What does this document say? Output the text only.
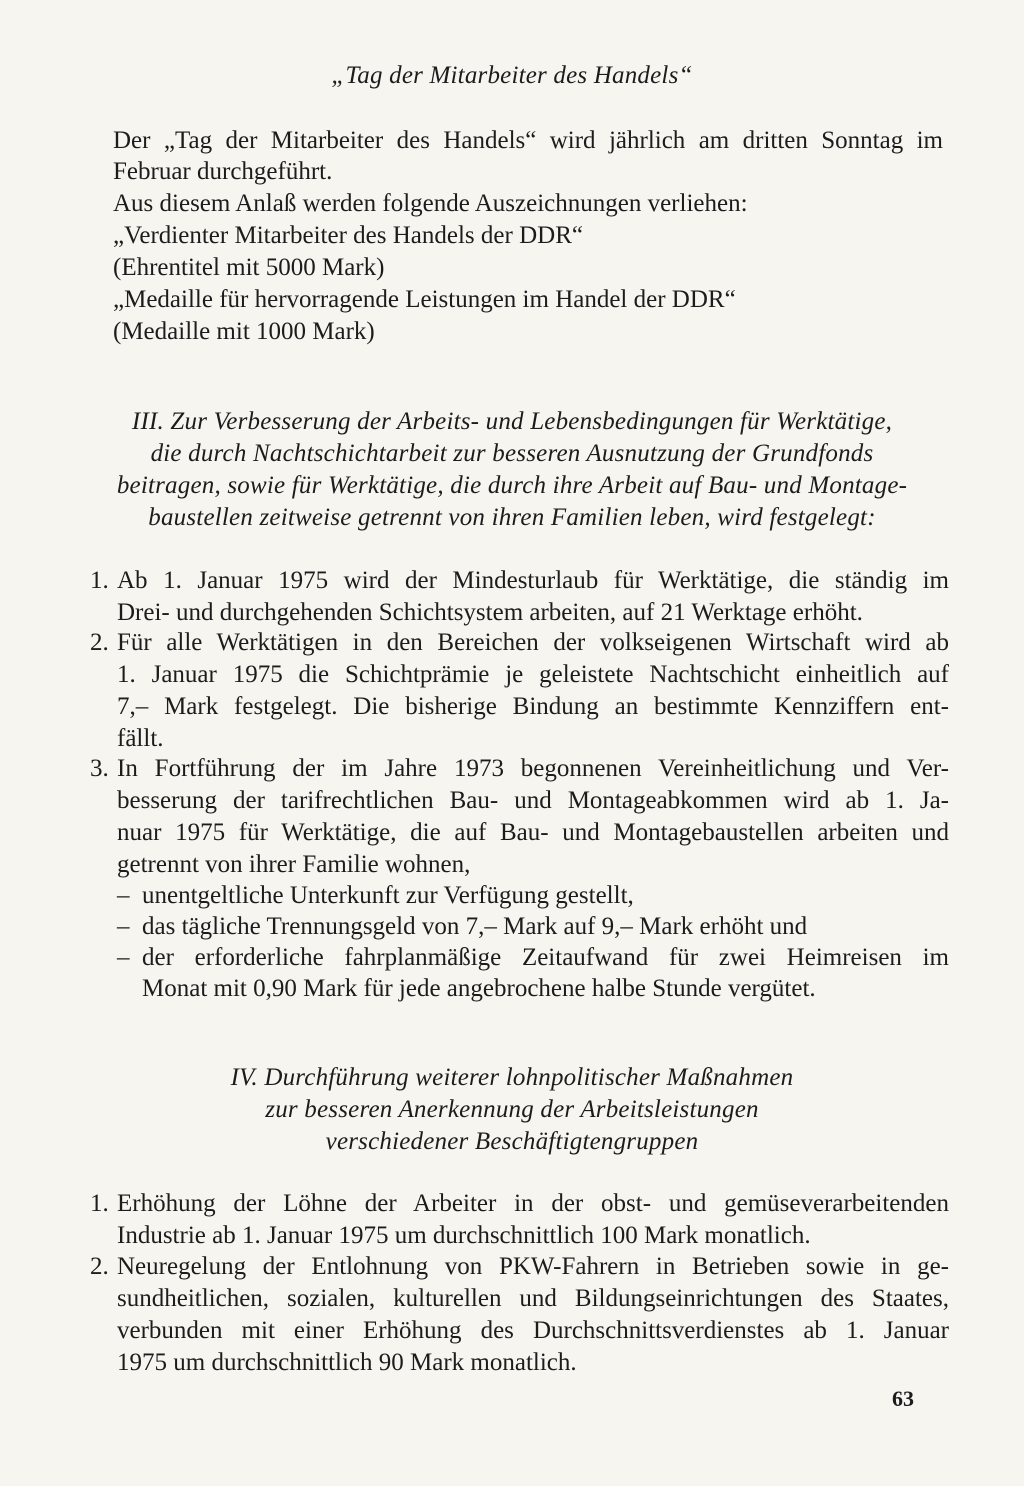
„Tag der Mitarbeiter des Handels“
Der „Tag der Mitarbeiter des Handels“ wird jährlich am dritten Sonntag im
Februar durchgeführt.
Aus diesem Anlaß werden folgende Auszeichnungen verliehen:
„Verdienter Mitarbeiter des Handels der DDR“
(Ehrentitel mit 5000 Mark)
„Medaille für hervorragende Leistungen im Handel der DDR“
(Medaille mit 1000 Mark)
III. Zur Verbesserung der Arbeits- und Lebensbedingungen für Werktätige,
die durch Nachtschichtarbeit zur besseren Ausnutzung der Grundfonds
beitragen, sowie für Werktätige, die durch ihre Arbeit auf Bau- und Montage-
baustellen zeitweise getrennt von ihren Familien leben, wird festgelegt:
1. Ab 1. Januar 1975 wird der Mindesturlaub für Werktätige, die ständig im
Drei- und durchgehenden Schichtsystem arbeiten, auf 21 Werktage erhöht.
2. Für alle Werktätigen in den Bereichen der volkseigenen Wirtschaft wird ab
1. Januar 1975 die Schichtprämie je geleistete Nachtschicht einheitlich auf
7,– Mark festgelegt. Die bisherige Bindung an bestimmte Kennziffern ent-
fällt.
3. In Fortführung der im Jahre 1973 begonnenen Vereinheitlichung und Ver-
besserung der tarifrechtlichen Bau- und Montageabkommen wird ab 1. Ja-
nuar 1975 für Werktätige, die auf Bau- und Montagebaustellen arbeiten und
getrennt von ihrer Familie wohnen,
– unentgeltliche Unterkunft zur Verfügung gestellt,
– das tägliche Trennungsgeld von 7,– Mark auf 9,– Mark erhöht und
– der erforderliche fahrplanmäßige Zeitaufwand für zwei Heimreisen im
Monat mit 0,90 Mark für jede angebrochene halbe Stunde vergütet.
IV. Durchführung weiterer lohnpolitischer Maßnahmen
zur besseren Anerkennung der Arbeitsleistungen
verschiedener Beschäftigtengruppen
1. Erhöhung der Löhne der Arbeiter in der obst- und gemüseverarbeitenden
Industrie ab 1. Januar 1975 um durchschnittlich 100 Mark monatlich.
2. Neuregelung der Entlohnung von PKW-Fahrern in Betrieben sowie in ge-
sundheitlichen, sozialen, kulturellen und Bildungseinrichtungen des Staates,
verbunden mit einer Erhöhung des Durchschnittsverdienstes ab 1. Januar
1975 um durchschnittlich 90 Mark monatlich.
63
